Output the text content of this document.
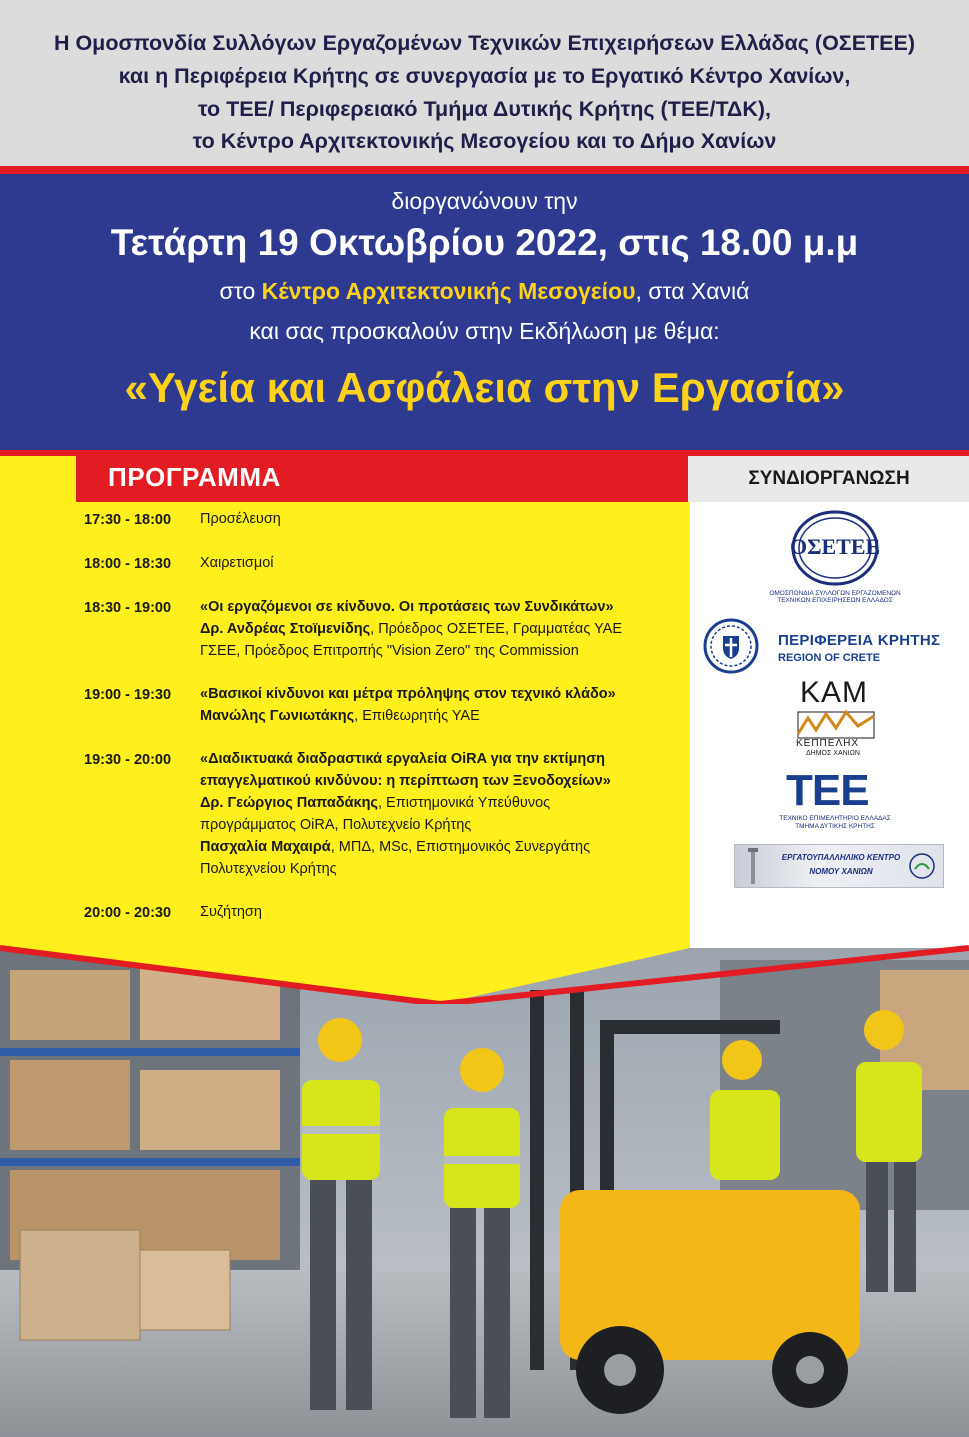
Η Ομοσπονδία Συλλόγων Εργαζομένων Τεχνικών Επιχειρήσεων Ελλάδας (ΟΣΕΤΕΕ)
και η Περιφέρεια Κρήτης σε συνεργασία με το Εργατικό Κέντρο Χανίων,
το ΤΕΕ/ Περιφερειακό Τμήμα Δυτικής Κρήτης (ΤΕΕ/ΤΔΚ),
το Κέντρο Αρχιτεκτονικής Μεσογείου και το Δήμο Χανίων
διοργανώνουν την
Τετάρτη 19 Οκτωβρίου 2022, στις 18.00 μ.μ
στο Κέντρο Αρχιτεκτονικής Μεσογείου, στα Χανιά
και σας προσκαλούν στην Εκδήλωση με θέμα:
«Υγεία και Ασφάλεια στην Εργασία»
ΠΡΟΓΡΑΜΜΑ	ΣΥΝΔΙΟΡΓΑΝΩΣΗ
17:30 - 18:00 Προσέλευση
18:00 - 18:30 Χαιρετισμοί
18:30 - 19:00 «Οι εργαζόμενοι σε κίνδυνο. Οι προτάσεις των Συνδικάτων»
Δρ. Ανδρέας Στοϊμενίδης, Πρόεδρος ΟΣΕΤΕΕ, Γραμματέας ΥΑΕ
ΓΣΕΕ, Πρόεδρος Επιτροπής "Vision Zero" της Commission
19:00 - 19:30 «Βασικοί κίνδυνοι και μέτρα πρόληψης στον τεχνικό κλάδο»
Μανώλης Γωνιωτάκης, Επιθεωρητής ΥΑΕ
19:30 - 20:00 «Διαδικτυακά διαδραστικά εργαλεία OiRA για την εκτίμηση
επαγγελματικού κινδύνου: η περίπτωση των Ξενοδοχείων»
Δρ. Γεώργιος Παπαδάκης, Επιστημονικά Υπεύθυνος
προγράμματος OiRA, Πολυτεχνείο Κρήτης
Πασχαλία Μαχαιρά, ΜΠΔ, MSc, Επιστημονικός Συνεργάτης
Πολυτεχνείου Κρήτης
20:00 - 20:30 Συζήτηση
ΟΣΕΤΕΕ
ΟΜΟΣΠΟΝΔΙΑ ΣΥΛΛΟΓΩΝ ΕΡΓΑΖΟΜΕΝΩΝ
ΤΕΧΝΙΚΩΝ ΕΠΙΧΕΙΡΗΣΕΩΝ ΕΛΛΑΔΟΣ
ΠΕΡΙΦΕΡΕΙΑ ΚΡΗΤΗΣ
REGION OF CRETE
ΚΑΜ
ΚΕΠΠΕΛΗΧ
ΔΗΜΟΣ ΧΑΝΙΩΝ
ΤΕΕ
ΤΕΧΝΙΚΟ ΕΠΙΜΕΛΗΤΗΡΙΟ ΕΛΛΑΔΑΣ
ΤΜΗΜΑ ΔΥΤΙΚΗΣ ΚΡΗΤΗΣ
ΕΡΓΑΤΟΥΠΑΛΛΗΛΙΚΟ ΚΕΝΤΡΟ
ΝΟΜΟΥ ΧΑΝΙΩΝ
